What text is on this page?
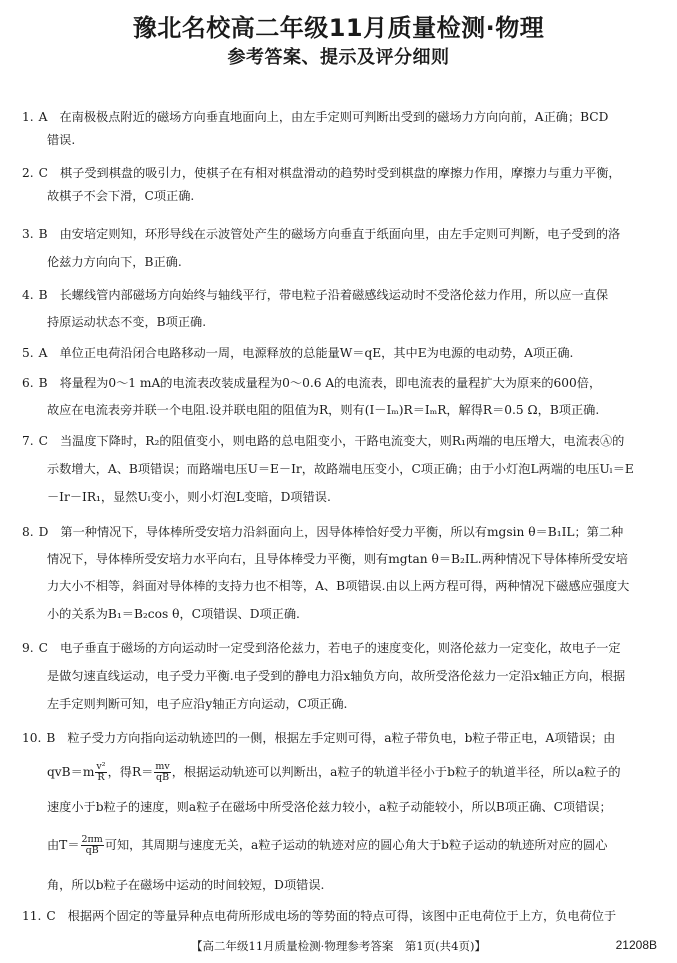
豫北名校高二年级11月质量检测·物理
参考答案、提示及评分细则
1. A 在南极极点附近的磁场方向垂直地面向上，由左手定则可判断出受到的磁场力方向向前，A正确；BCD
错误.
2. C 棋子受到棋盘的吸引力，使棋子在有相对棋盘滑动的趋势时受到棋盘的摩擦力作用，摩擦力与重力平衡，
故棋子不会下滑，C项正确.
3. B 由安培定则知，环形导线在示波管处产生的磁场方向垂直于纸面向里，由左手定则可判断，电子受到的洛
伦兹力方向向下，B正确.
4. B 长螺线管内部磁场方向始终与轴线平行，带电粒子沿着磁感线运动时不受洛伦兹力作用，所以应一直保
持原运动状态不变，B项正确.
5. A 单位正电荷沿闭合电路移动一周，电源释放的总能量W＝qE，其中E为电源的电动势，A项正确.
6. B 将量程为0～1 mA的电流表改装成量程为0～0.6 A的电流表，即电流表的量程扩大为原来的600倍，
故应在电流表旁并联一个电阻.设并联电阻的阻值为R，则有(I－Iₘ)R＝IₘR，解得R＝0.5 Ω，B项正确.
7. C 当温度下降时，R₂的阻值变小，则电路的总电阻变小，干路电流变大，则R₁两端的电压增大，电流表Ⓐ的
示数增大，A、B项错误；而路端电压U＝E－Ir，故路端电压变小，C项正确；由于小灯泡L两端的电压Uₗ＝E
－Ir－IR₁，显然Uₗ变小，则小灯泡L变暗，D项错误.
8. D 第一种情况下，导体棒所受安培力沿斜面向上，因导体棒恰好受力平衡，所以有mgsin θ＝B₁IL；第二种
情况下，导体棒所受安培力水平向右，且导体棒受力平衡，则有mgtan θ＝B₂IL.两种情况下导体棒所受安培
力大小不相等，斜面对导体棒的支持力也不相等，A、B项错误.由以上两方程可得，两种情况下磁感应强度大
小的关系为B₁＝B₂cos θ，C项错误、D项正确.
9. C 电子垂直于磁场的方向运动时一定受到洛伦兹力，若电子的速度变化，则洛伦兹力一定变化，故电子一定
是做匀速直线运动，电子受力平衡.电子受到的静电力沿x轴负方向，故所受洛伦兹力一定沿x轴正方向，根据
左手定则判断可知，电子应沿y轴正方向运动，C项正确.
10. B 粒子受力方向指向运动轨迹凹的一侧，根据左手定则可得，a粒子带负电，b粒子带正电，A项错误；由
$qvB=m \frac{\text{v²}}{R}$ ，得$R= \frac{mv}{qB}$ ，根据运动轨迹可以判断出，a粒子的轨道半径小于b粒子的轨道半径，所以a粒子的
速度小于b粒子的速度，则a粒子在磁场中所受洛伦兹力较小，a粒子动能较小，所以B项正确、C项错误；
由$T= \frac{2\pi m}{qB}$ 可知，其周期与速度无关，a粒子运动的轨迹对应的圆心角大于b粒子运动的轨迹所对应的圆心
角，所以b粒子在磁场中运动的时间较短，D项错误.
11. C 根据两个固定的等量异种点电荷所形成电场的等势面的特点可得，该图中正电荷位于上方，负电荷位于
【高二年级11月质量检测·物理参考答案　第1页(共4页)】	21208B
